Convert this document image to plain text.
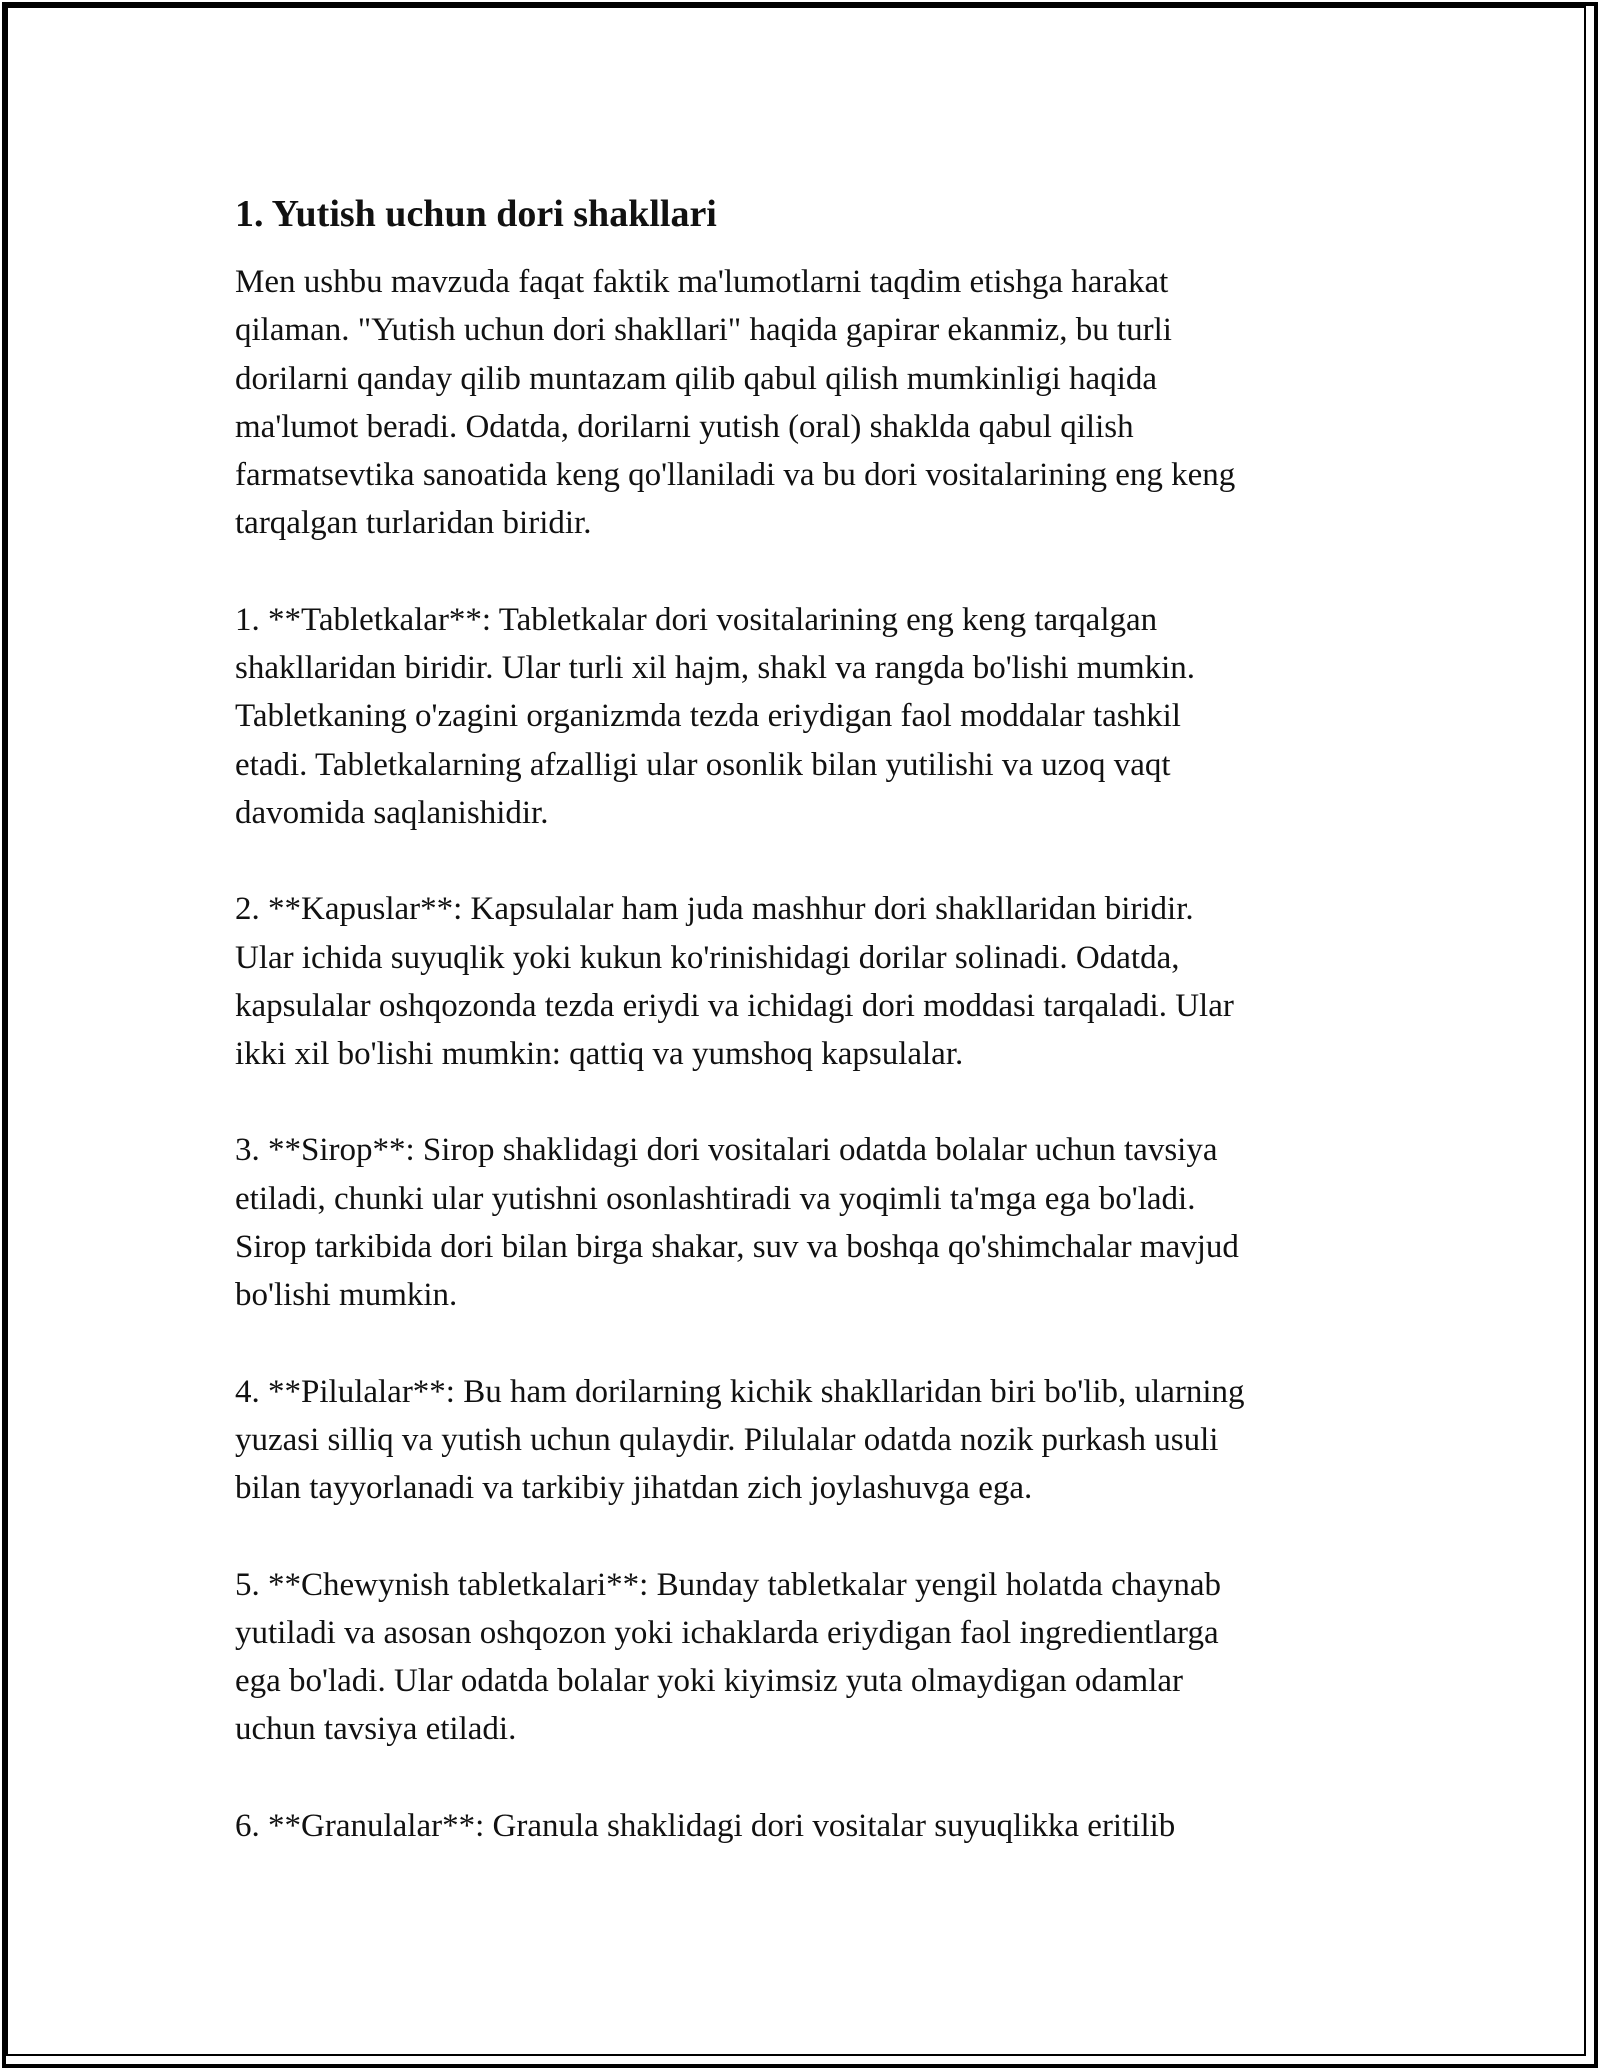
1. Yutish uchun dori shakllari
Men ushbu mavzuda faqat faktik ma'lumotlarni taqdim etishga harakat
qilaman. "Yutish uchun dori shakllari" haqida gapirar ekanmiz, bu turli
dorilarni qanday qilib muntazam qilib qabul qilish mumkinligi haqida
ma'lumot beradi. Odatda, dorilarni yutish (oral) shaklda qabul qilish
farmatsevtika sanoatida keng qo'llaniladi va bu dori vositalarining eng keng
tarqalgan turlaridan biridir.
1. **Tabletkalar**: Tabletkalar dori vositalarining eng keng tarqalgan
shakllaridan biridir. Ular turli xil hajm, shakl va rangda bo'lishi mumkin.
Tabletkaning o'zagini organizmda tezda eriydigan faol moddalar tashkil
etadi. Tabletkalarning afzalligi ular osonlik bilan yutilishi va uzoq vaqt
davomida saqlanishidir.
2. **Kapuslar**: Kapsulalar ham juda mashhur dori shakllaridan biridir.
Ular ichida suyuqlik yoki kukun ko'rinishidagi dorilar solinadi. Odatda,
kapsulalar oshqozonda tezda eriydi va ichidagi dori moddasi tarqaladi. Ular
ikki xil bo'lishi mumkin: qattiq va yumshoq kapsulalar.
3. **Sirop**: Sirop shaklidagi dori vositalari odatda bolalar uchun tavsiya
etiladi, chunki ular yutishni osonlashtiradi va yoqimli ta'mga ega bo'ladi.
Sirop tarkibida dori bilan birga shakar, suv va boshqa qo'shimchalar mavjud
bo'lishi mumkin.
4. **Pilulalar**: Bu ham dorilarning kichik shakllaridan biri bo'lib, ularning
yuzasi silliq va yutish uchun qulaydir. Pilulalar odatda nozik purkash usuli
bilan tayyorlanadi va tarkibiy jihatdan zich joylashuvga ega.
5. **Chewynish tabletkalari**: Bunday tabletkalar yengil holatda chaynab
yutiladi va asosan oshqozon yoki ichaklarda eriydigan faol ingredientlarga
ega bo'ladi. Ular odatda bolalar yoki kiyimsiz yuta olmaydigan odamlar
uchun tavsiya etiladi.
6. **Granulalar**: Granula shaklidagi dori vositalar suyuqlikka eritilib
